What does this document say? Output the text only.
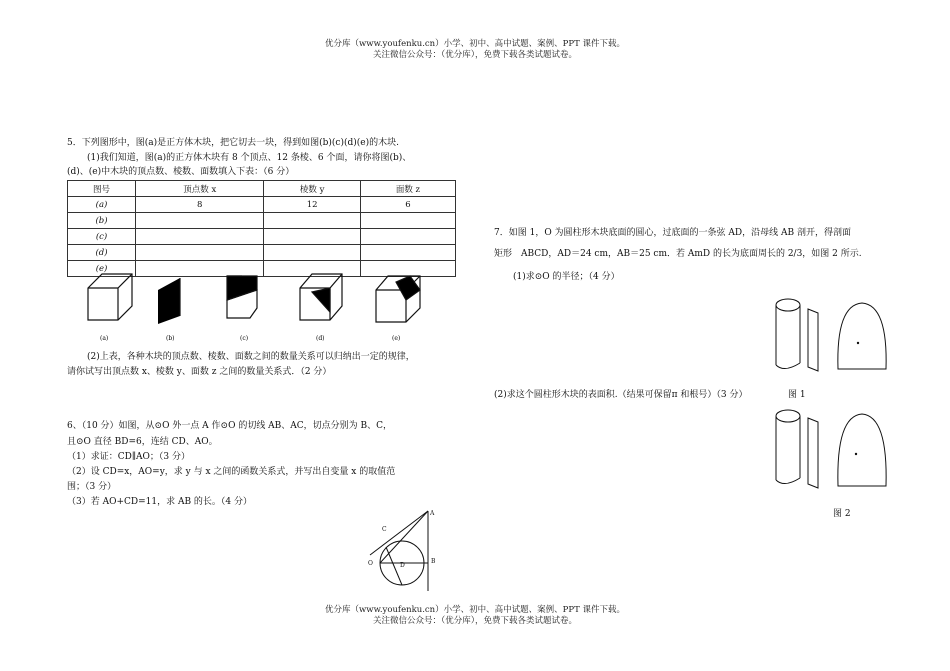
优分库（www.youfenku.cn）小学、初中、高中试题、案例、PPT 课件下载。
关注微信公众号：（优分库），免费下载各类试题试卷。
5．下列图形中，图(a)是正方体木块，把它切去一块，得到如图(b)(c)(d)(e)的木块.
(1)我们知道，图(a)的正方体木块有 8 个顶点、12 条棱、6 个面，请你将图(b)、
(d)、(e)中木块的顶点数、棱数、面数填入下表：（6 分）
图号	顶点数 x	棱数 y	面数 z
(a)	8	12	6
(b)			
(c)			
(d)			
(e)			
(a)	(b)	(c)	(d)	(e)
(2)上表，各种木块的顶点数、棱数、面数之间的数量关系可以归纳出一定的规律，
请你试写出顶点数 x、棱数 y、面数 z 之间的数量关系式．（2 分）
6、（10 分）如图，从⊙O 外一点 A 作⊙O 的切线 AB、AC，切点分别为 B、C，
且⊙O 直径 BD=6，连结 CD、AO。
（1）求证：CD∥AO；（3 分）
（2）设 CD=x，AO=y，求 y 与 x 之间的函数关系式，并写出自变量 x 的取值范
围；（3 分）
（3）若 AO+CD=11，求 AB 的长。（4 分）
A
C
O	D
B
7．如图 1，O 为圆柱形木块底面的圆心，过底面的一条弦 AD，沿母线 AB 剖开，得剖面
矩形　ABCD，AD＝24 cm，AB＝25 cm．若 AmD 的长为底面周长的 2/3，如图 2 所示.
(1)求⊙O 的半径；（4 分）
(2)求这个圆柱形木块的表面积.（结果可保留π 和根号）（3 分）	图 1
图 2
优分库（www.youfenku.cn）小学、初中、高中试题、案例、PPT 课件下载。
关注微信公众号：（优分库），免费下载各类试题试卷。
